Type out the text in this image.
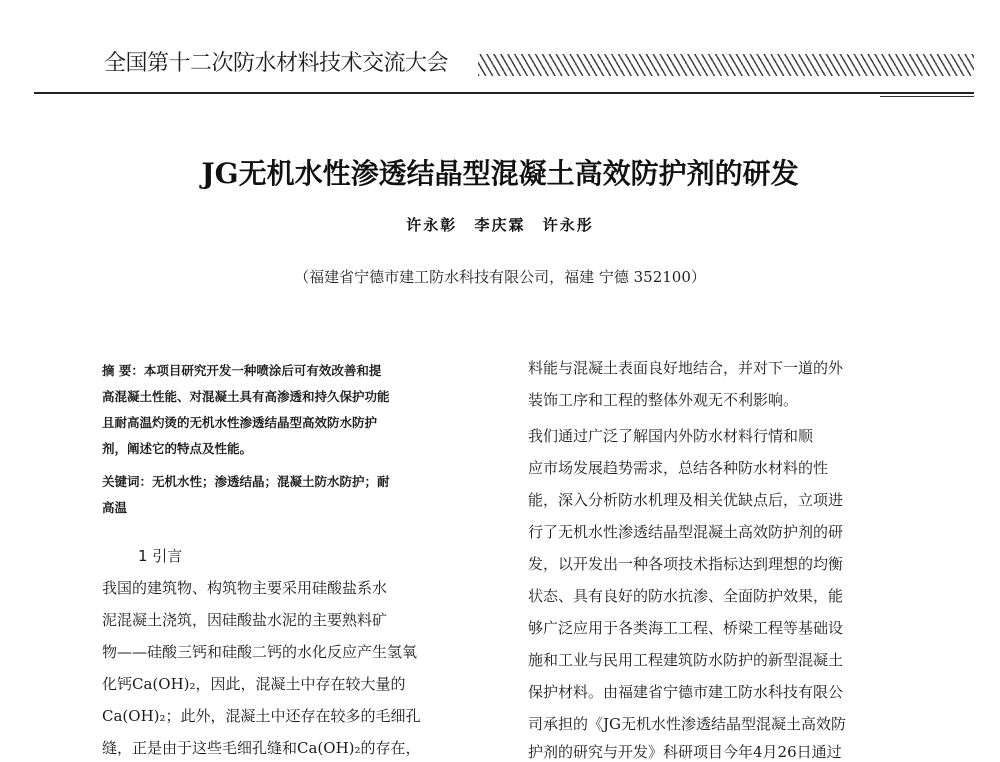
全国第十二次防水材料技术交流大会
JG无机水性渗透结晶型混凝土高效防护剂的研发
许永彰 李庆霖 许永彤
（福建省宁德市建工防水科技有限公司，福建 宁德 352100）
摘 要：本项目研究开发一种喷涂后可有效改善和提
高混凝土性能、对混凝土具有高渗透和持久保护功能
且耐高温灼烫的无机水性渗透结晶型高效防水防护
剂，阐述它的特点及性能。
关键词：无机水性；渗透结晶；混凝土防水防护；耐
高温
1 引言
我国的建筑物、构筑物主要采用硅酸盐系水
泥混凝土浇筑，因硅酸盐水泥的主要熟料矿
物——硅酸三钙和硅酸二钙的水化反应产生氢氧
化钙Ca(OH)₂，因此，混凝土中存在较大量的
Ca(OH)₂；此外，混凝土中还存在较多的毛细孔
缝，正是由于这些毛细孔缝和Ca(OH)₂的存在，
料能与混凝土表面良好地结合，并对下一道的外
装饰工序和工程的整体外观无不利影响。
我们通过广泛了解国内外防水材料行情和顺
应市场发展趋势需求，总结各种防水材料的性
能，深入分析防水机理及相关优缺点后，立项进
行了无机水性渗透结晶型混凝土高效防护剂的研
发，以开发出一种各项技术指标达到理想的均衡
状态、具有良好的防水抗渗、全面防护效果，能
够广泛应用于各类海工工程、桥梁工程等基础设
施和工业与民用工程建筑防水防护的新型混凝土
保护材料。由福建省宁德市建工防水科技有限公
司承担的《JG无机水性渗透结晶型混凝土高效防
护剂的研究与开发》科研项目今年4月26日通过
